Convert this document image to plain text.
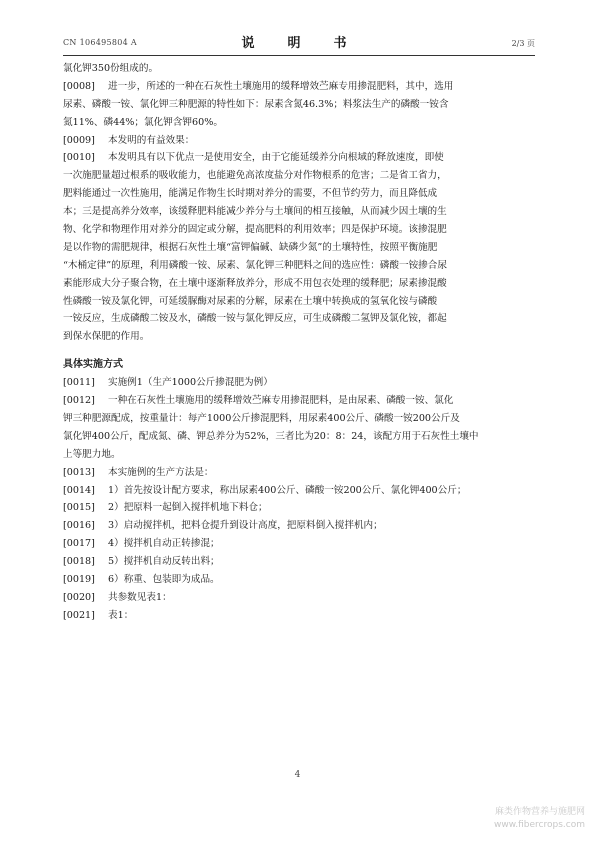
CN 106495804 A	说　明　书	2/3 页
氯化钾350份组成的。
[0008] 进一步，所述的一种在石灰性土壤施用的缓释增效苎麻专用掺混肥料，其中，选用
尿素、磷酸一铵、氯化钾三种肥源的特性如下：尿素含氮46.3%；料浆法生产的磷酸一铵含
氮11%、磷44%；氯化钾含钾60%。
[0009] 本发明的有益效果：
[0010] 本发明具有以下优点一是使用安全，由于它能延缓养分向根域的释放速度，即使
一次施肥量超过根系的吸收能力，也能避免高浓度盐分对作物根系的危害；二是省工省力，
肥料能通过一次性施用，能满足作物生长时期对养分的需要，不但节约劳力，而且降低成
本；三是提高养分效率，该缓释肥料能减少养分与土壤间的相互接触，从而减少因土壤的生
物、化学和物理作用对养分的固定或分解，提高肥料的利用效率；四是保护环境。该掺混肥
是以作物的需肥规律，根据石灰性土壤“富钾偏碱、缺磷少氮”的土壤特性，按照平衡施肥
“木桶定律”的原理，利用磷酸一铵、尿素、氯化钾三种肥料之间的选应性：磷酸一铵掺合尿
素能形成大分子聚合物，在土壤中逐渐释放养分，形成不用包衣处理的缓释肥；尿素掺混酸
性磷酸一铵及氯化钾，可延缓脲酶对尿素的分解，尿素在土壤中转换成的氢氧化铵与磷酸
一铵反应，生成磷酸二铵及水，磷酸一铵与氯化钾反应，可生成磷酸二氢钾及氯化铵，都起
到保水保肥的作用。
具体实施方式
[0011] 实施例1（生产1000公斤掺混肥为例）
[0012] 一种在石灰性土壤施用的缓释增效苎麻专用掺混肥料，是由尿素、磷酸一铵、氯化
钾三种肥源配成，按重量计：每产1000公斤掺混肥料，用尿素400公斤、磷酸一铵200公斤及
氯化钾400公斤，配成氮、磷、钾总养分为52%，三者比为20：8：24，该配方用于石灰性土壤中
上等肥力地。
[0013] 本实施例的生产方法是：
[0014] 1）首先按设计配方要求，称出尿素400公斤、磷酸一铵200公斤、氯化钾400公斤；
[0015] 2）把原料一起倒入搅拌机地下料仓；
[0016] 3）启动搅拌机，把料仓提升到设计高度，把原料倒入搅拌机内；
[0017] 4）搅拌机自动正转掺混；
[0018] 5）搅拌机自动反转出料；
[0019] 6）称重、包装即为成品。
[0020] 共参数见表1：
[0021] 表1：
4
麻类作物营养与施肥网
www.fibercrops.com
